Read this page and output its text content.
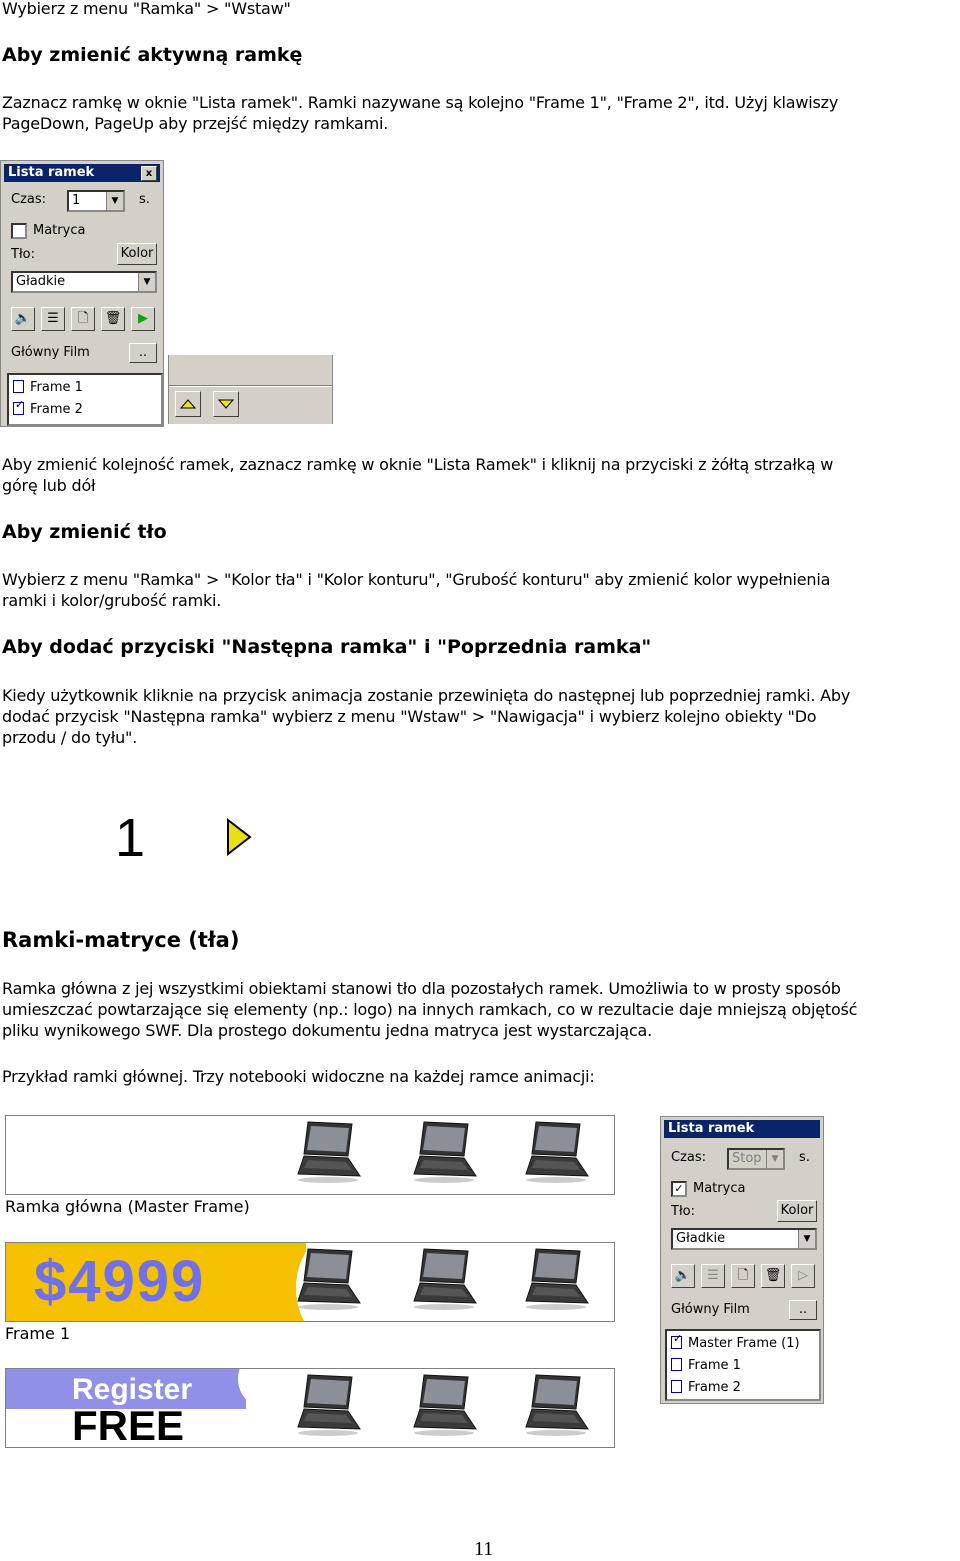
Wybierz z menu "Ramka" > "Wstaw"
Aby zmienić aktywną ramkę
Zaznacz ramkę w oknie "Lista ramek". Ramki nazywane są kolejno "Frame 1", "Frame 2", itd. Użyj klawiszy
PageDown, PageUp aby przejść między ramkami.
Lista ramek	x
Czas:	1	▼	s.
Matryca
Tło:	Kolor
Gładkie	▼
🔈	☰	🗋	🗑	▶
Główny Film	..
Frame 1
✓Frame 2
Aby zmienić kolejność ramek, zaznacz ramkę w oknie "Lista Ramek" i kliknij na przyciski z żółtą strzałką w
górę lub dół
Aby zmienić tło
Wybierz z menu "Ramka" > "Kolor tła" i "Kolor konturu", "Grubość konturu" aby zmienić kolor wypełnienia
ramki i kolor/grubość ramki.
Aby dodać przyciski "Następna ramka" i "Poprzednia ramka"
Kiedy użytkownik kliknie na przycisk animacja zostanie przewinięta do następnej lub poprzedniej ramki. Aby
dodać przycisk "Następna ramka" wybierz z menu "Wstaw" > "Nawigacja" i wybierz kolejno obiekty "Do
przodu / do tyłu".
1
Ramki-matryce (tła)
Ramka główna z jej wszystkimi obiektami stanowi tło dla pozostałych ramek. Umożliwia to w prosty sposób
umieszczać powtarzające się elementy (np.: logo) na innych ramkach, co w rezultacie daje mniejszą objętość
pliku wynikowego SWF. Dla prostego dokumentu jedna matryca jest wystarczająca.
Przykład ramki głównej. Trzy notebooki widoczne na każdej ramce animacji:
Ramka główna (Master Frame)
$4999
Frame 1
Register
FREE
Lista ramek
Czas:	Stop	▼	s.
✓ Matryca
Tło:	Kolor
Gładkie	▼
🔈	☰	🗋	🗑	▷
Główny Film	..
✓Master Frame (1)
Frame 1
Frame 2
11
